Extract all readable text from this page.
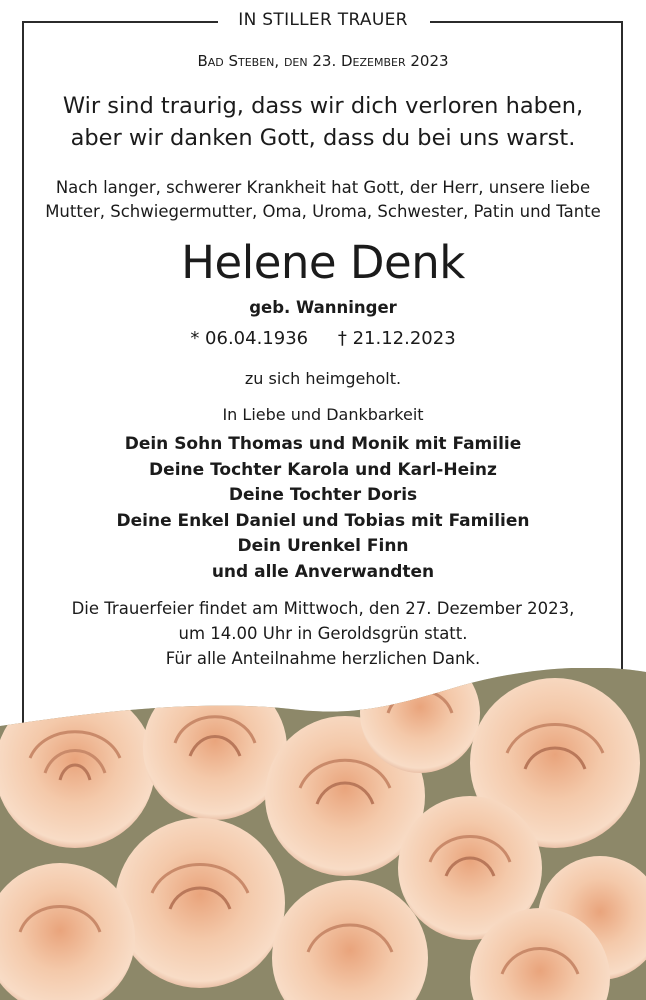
IN STILLER TRAUER
Bad Steben, den 23. Dezember 2023
Wir sind traurig, dass wir dich verloren haben,
aber wir danken Gott, dass du bei uns warst.
Nach langer, schwerer Krankheit hat Gott, der Herr, unsere liebe
Mutter, Schwiegermutter, Oma, Uroma, Schwester, Patin und Tante
Helene Denk
geb. Wanninger
* 06.04.1936 † 21.12.2023
zu sich heimgeholt.
In Liebe und Dankbarkeit
Dein Sohn Thomas und Monik mit Familie
Deine Tochter Karola und Karl-Heinz
Deine Tochter Doris
Deine Enkel Daniel und Tobias mit Familien
Dein Urenkel Finn
und alle Anverwandten
Die Trauerfeier findet am Mittwoch, den 27. Dezember 2023,
um 14.00 Uhr in Geroldsgrün statt.
Für alle Anteilnahme herzlichen Dank.
